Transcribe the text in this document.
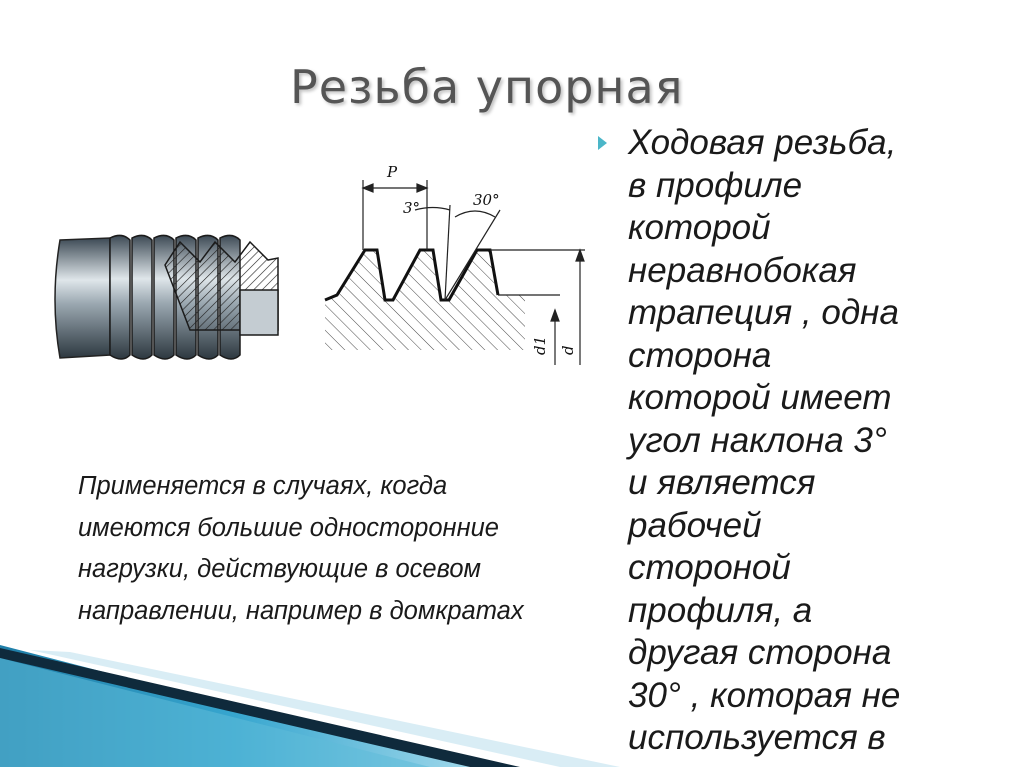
Резьба упорная
P
3°	30°
d1 d
Ходовая резьба,
в профиле
которой
неравнобокая
трапеция , одна
сторона
которой имеет
угол наклона 3°
и является
рабочей
стороной
профиля, а
другая сторона
30° , которая не
используется в
Применяется в случаях, когда
имеются большие односторонние
нагрузки, действующие в осевом
направлении, например в домкратах
